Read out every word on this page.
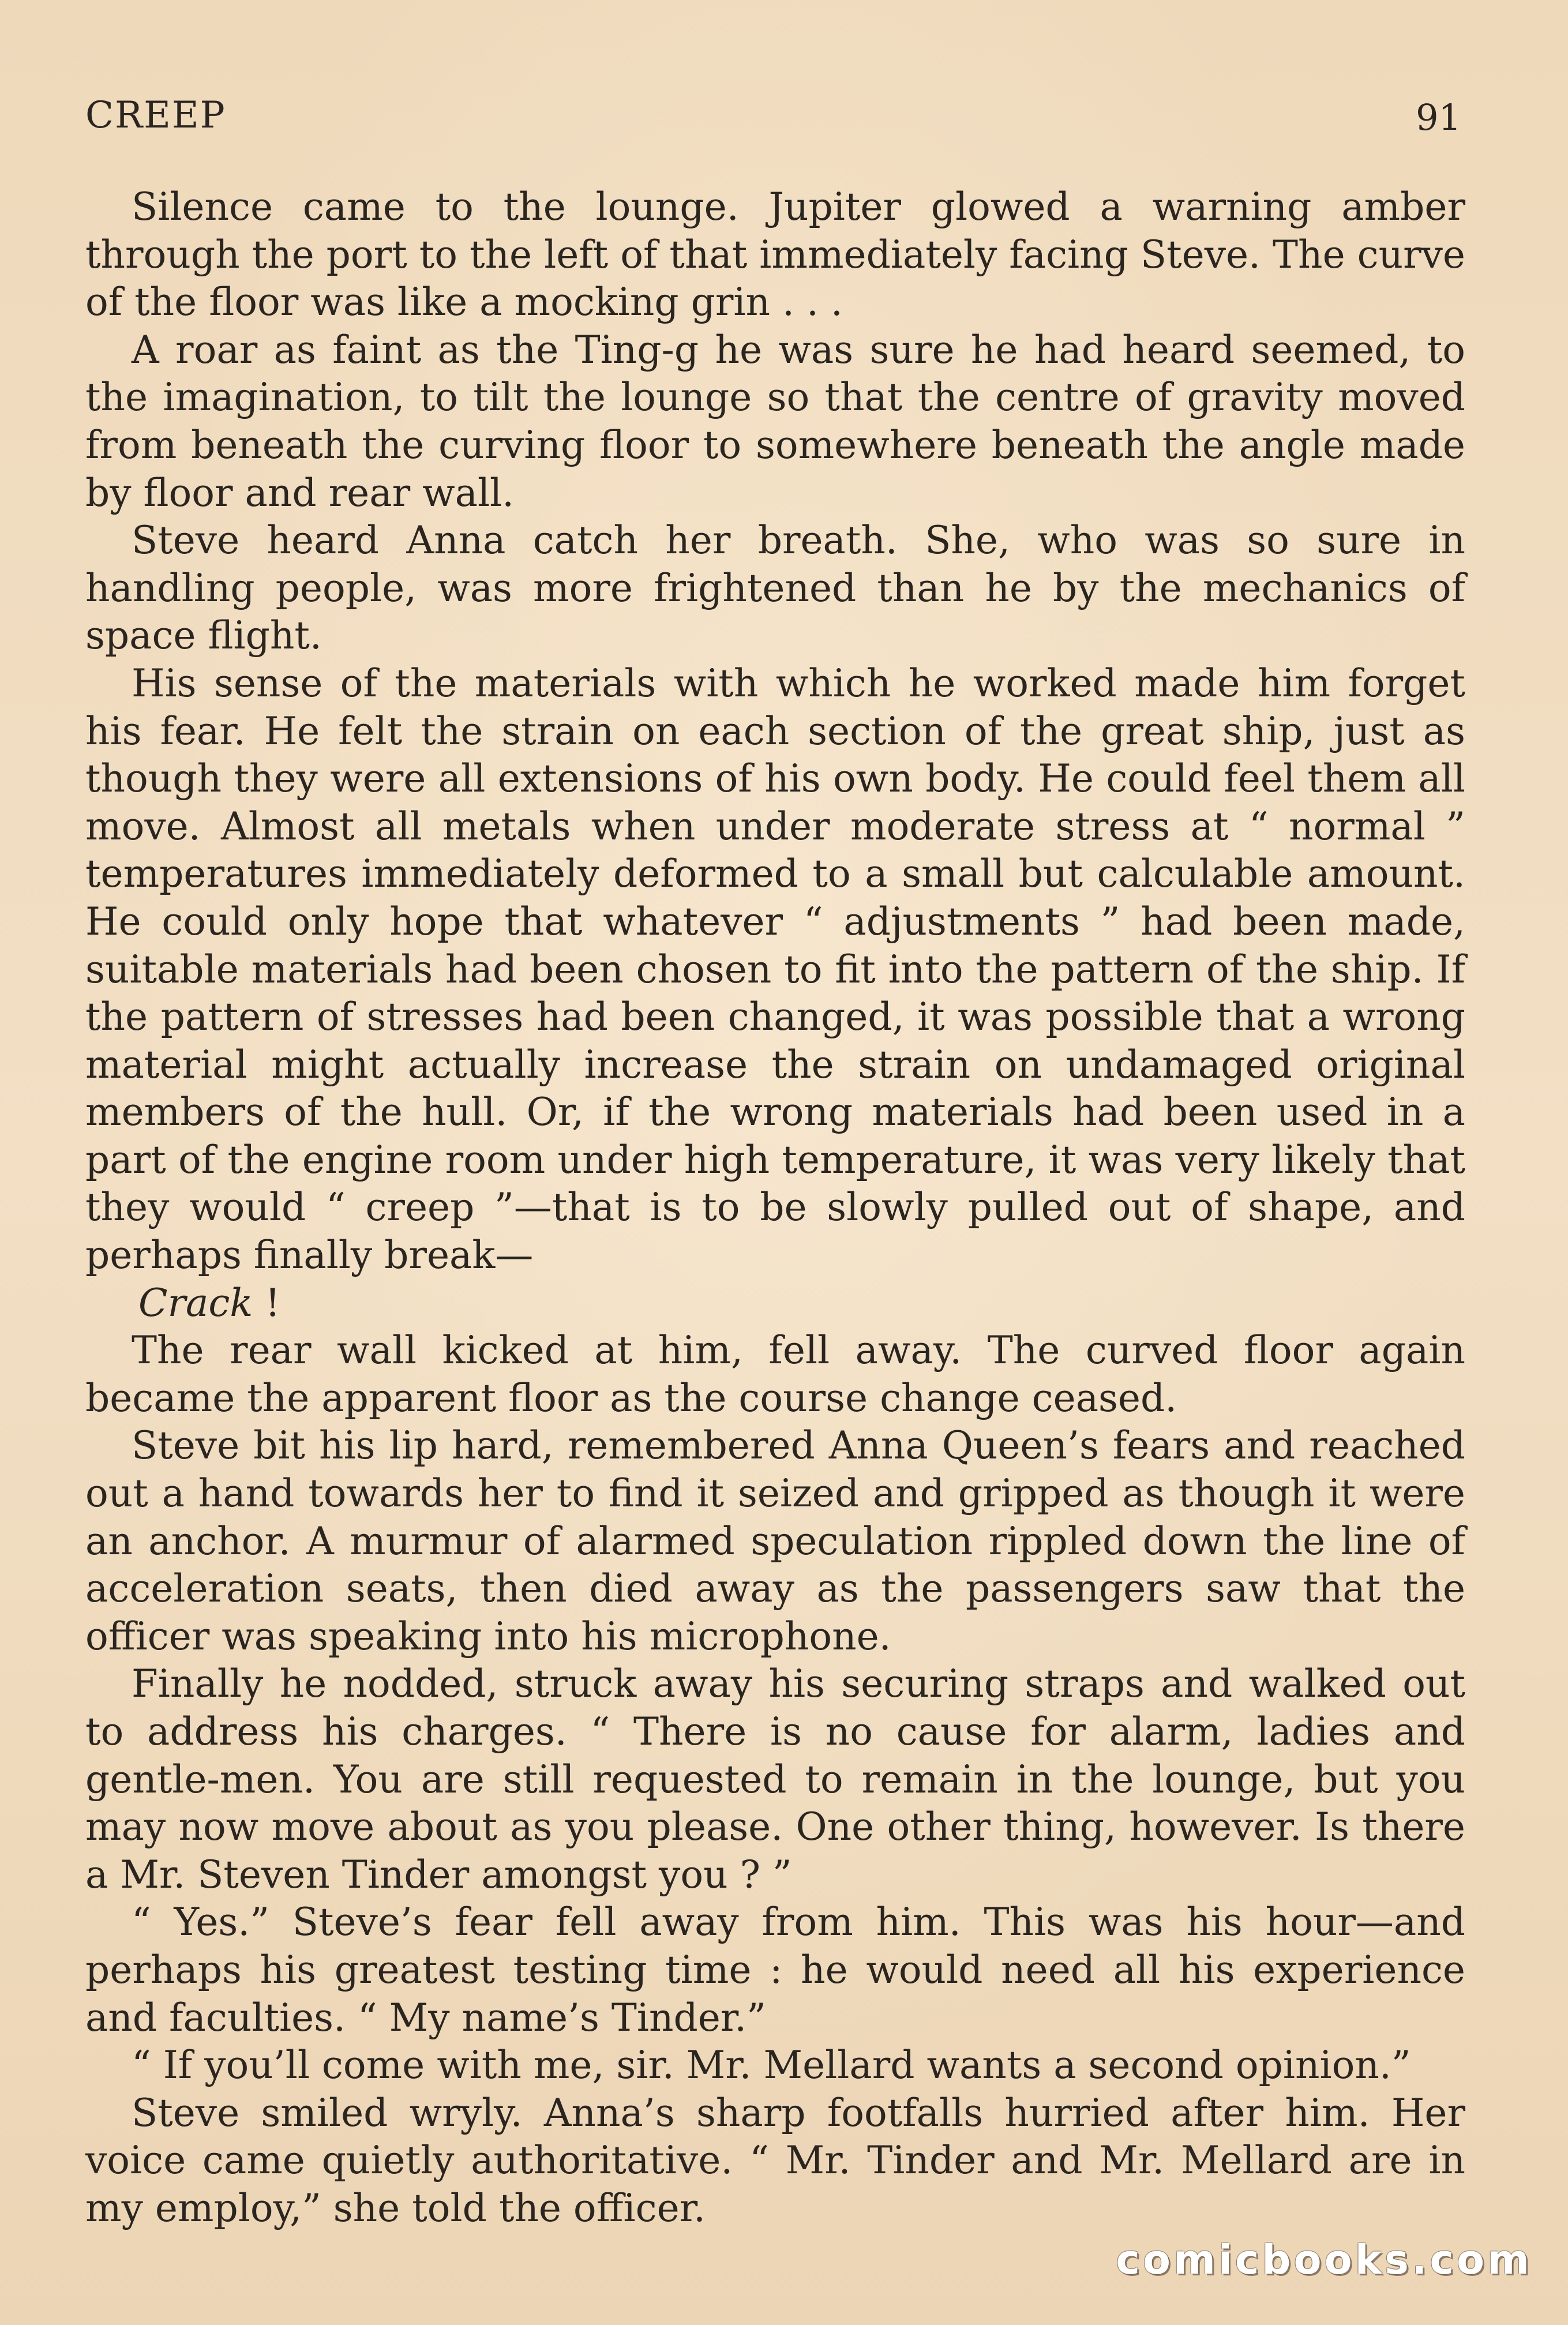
CREEP	91

Silence came to the lounge. Jupiter glowed a warning amber through the port to the left of that immediately facing Steve. The curve of the floor was like a mocking grin . . .

A roar as faint as the Ting-g he was sure he had heard seemed, to the imagination, to tilt the lounge so that the centre of gravity moved from beneath the curving floor to somewhere beneath the angle made by floor and rear wall.

Steve heard Anna catch her breath. She, who was so sure in handling people, was more frightened than he by the mechanics of space flight.

His sense of the materials with which he worked made him forget his fear. He felt the strain on each section of the great ship, just as though they were all extensions of his own body. He could feel them all move. Almost all metals when under moderate stress at “ normal ” temperatures immediately deformed to a small but calculable amount. He could only hope that whatever “ adjustments ” had been made, suitable materials had been chosen to fit into the pattern of the ship. If the pattern of stresses had been changed, it was possible that a wrong material might actually increase the strain on undamaged original members of the hull. Or, if the wrong materials had been used in a part of the engine room under high temperature, it was very likely that they would “ creep ”—that is to be slowly pulled out of shape, and perhaps finally break—

Crack !

The rear wall kicked at him, fell away. The curved floor again became the apparent floor as the course change ceased.

Steve bit his lip hard, remembered Anna Queen’s fears and reached out a hand towards her to find it seized and gripped as though it were an anchor. A murmur of alarmed speculation rippled down the line of acceleration seats, then died away as the passengers saw that the officer was speaking into his microphone.

Finally he nodded, struck away his securing straps and walked out to address his charges. “ There is no cause for alarm, ladies and gentle-men. You are still requested to remain in the lounge, but you may now move about as you please. One other thing, however. Is there a Mr. Steven Tinder amongst you ? ”

“ Yes.” Steve’s fear fell away from him. This was his hour—and perhaps his greatest testing time : he would need all his experience and faculties. “ My name’s Tinder.”

“ If you’ll come with me, sir. Mr. Mellard wants a second opinion.”

Steve smiled wryly. Anna’s sharp footfalls hurried after him. Her voice came quietly authoritative. “ Mr. Tinder and Mr. Mellard are in my employ,” she told the officer.

comicbooks.com
